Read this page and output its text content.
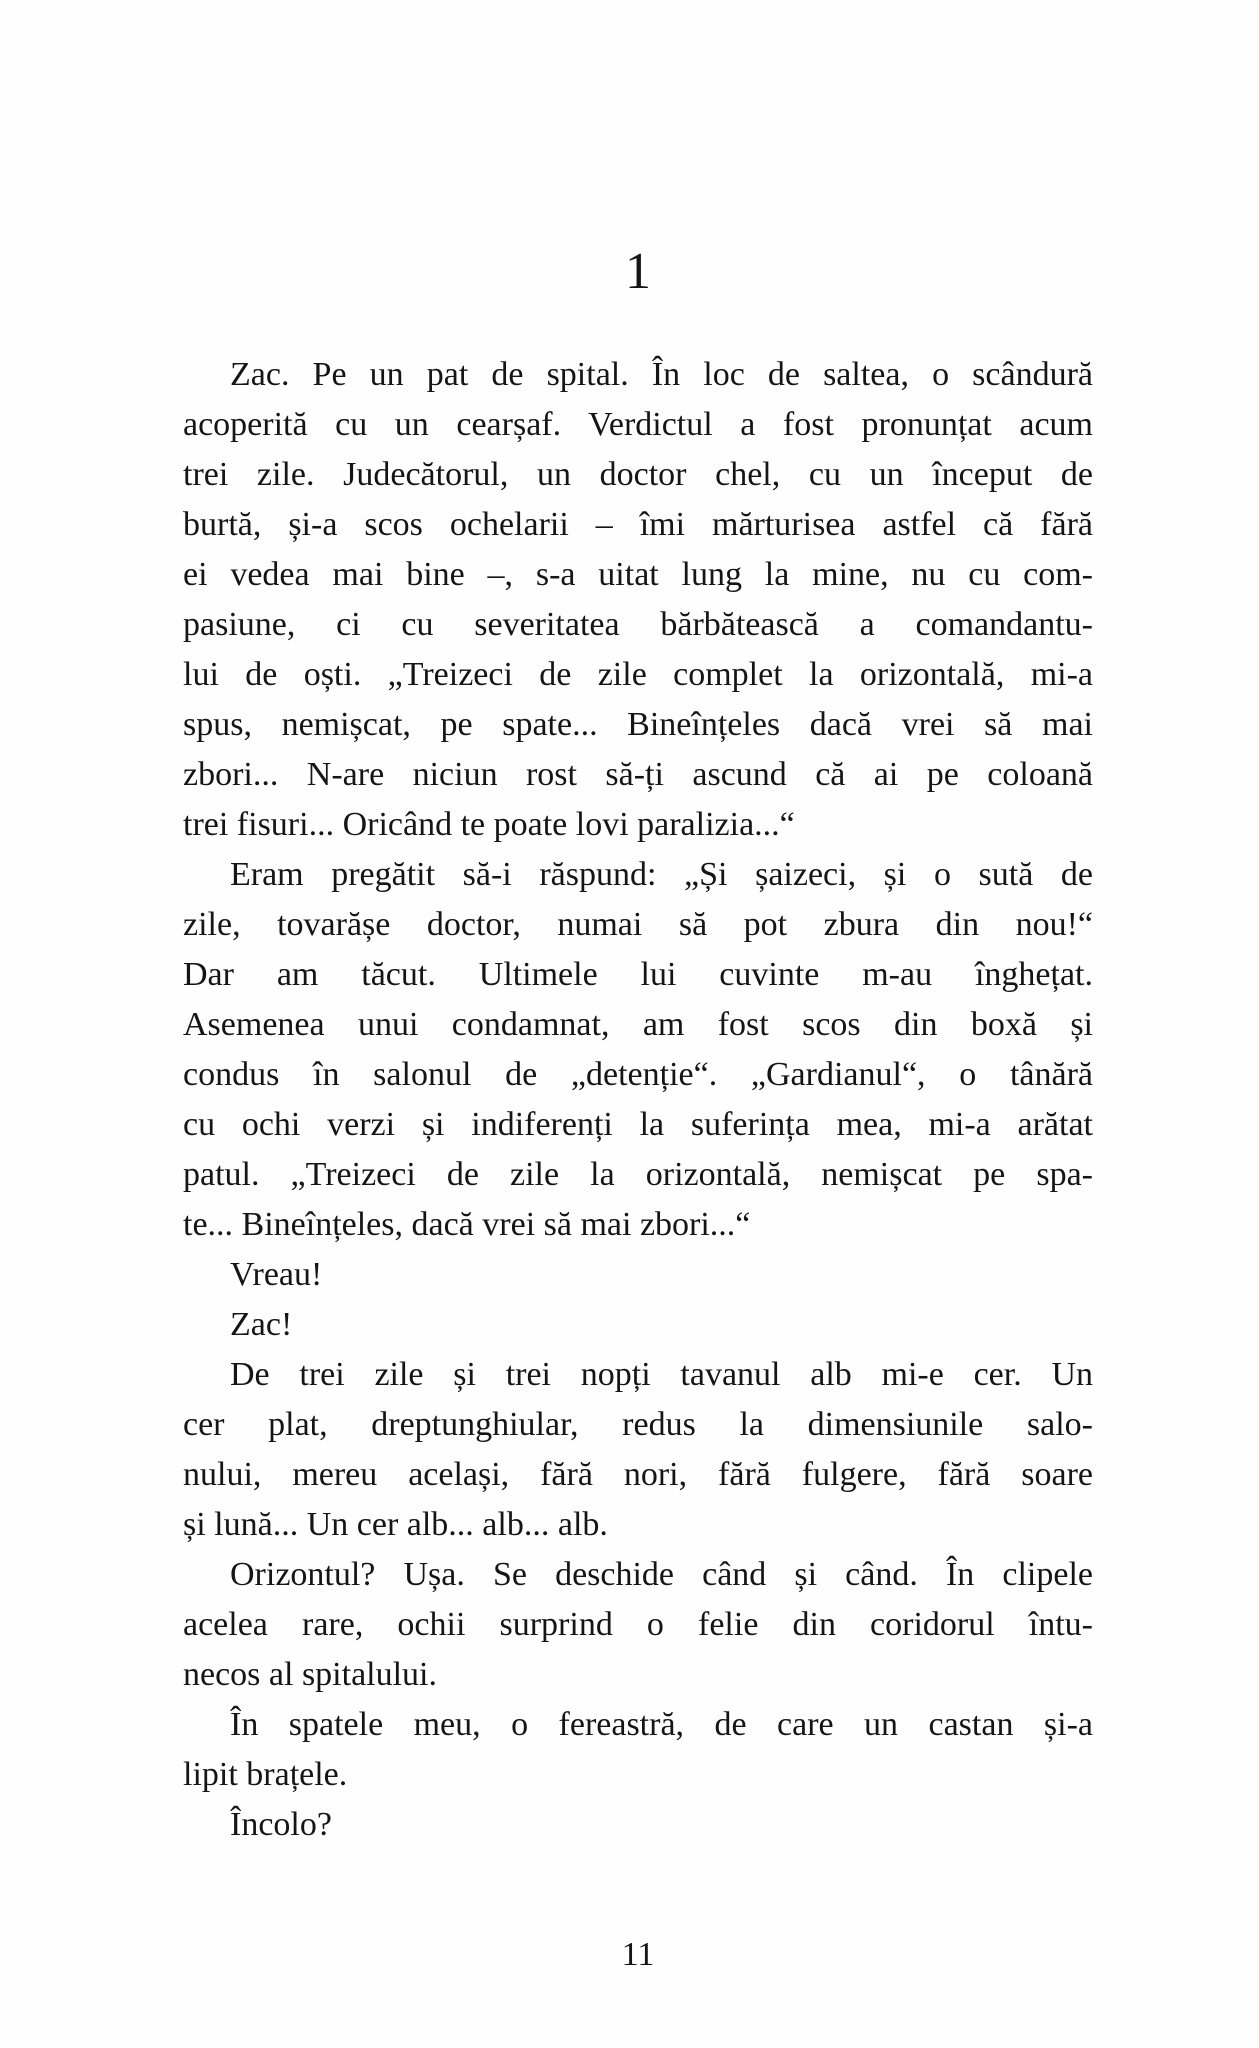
1
Zac. Pe un pat de spital. În loc de saltea, o scândură
acoperită cu un cearșaf. Verdictul a fost pronunțat acum
trei zile. Judecătorul, un doctor chel, cu un început de
burtă, și-a scos ochelarii – îmi mărturisea astfel că fără
ei vedea mai bine –, s-a uitat lung la mine, nu cu com-
pasiune, ci cu severitatea bărbătească a comandantu-
lui de oști. „Treizeci de zile complet la orizontală, mi-a
spus, nemișcat, pe spate... Bineînțeles dacă vrei să mai
zbori... N-are niciun rost să-ți ascund că ai pe coloană
trei fisuri... Oricând te poate lovi paralizia...“
Eram pregătit să-i răspund: „Și șaizeci, și o sută de
zile, tovarășe doctor, numai să pot zbura din nou!“
Dar am tăcut. Ultimele lui cuvinte m-au înghețat.
Asemenea unui condamnat, am fost scos din boxă și
condus în salonul de „detenție“. „Gardianul“, o tânără
cu ochi verzi și indiferenți la suferința mea, mi-a arătat
patul. „Treizeci de zile la orizontală, nemișcat pe spa-
te... Bineînțeles, dacă vrei să mai zbori...“
Vreau!
Zac!
De trei zile și trei nopți tavanul alb mi-e cer. Un
cer plat, dreptunghiular, redus la dimensiunile salo-
nului, mereu același, fără nori, fără fulgere, fără soare
și lună... Un cer alb... alb... alb.
Orizontul? Ușa. Se deschide când și când. În clipele
acelea rare, ochii surprind o felie din coridorul întu-
necos al spitalului.
În spatele meu, o fereastră, de care un castan și-a
lipit brațele.
Încolo?
11
